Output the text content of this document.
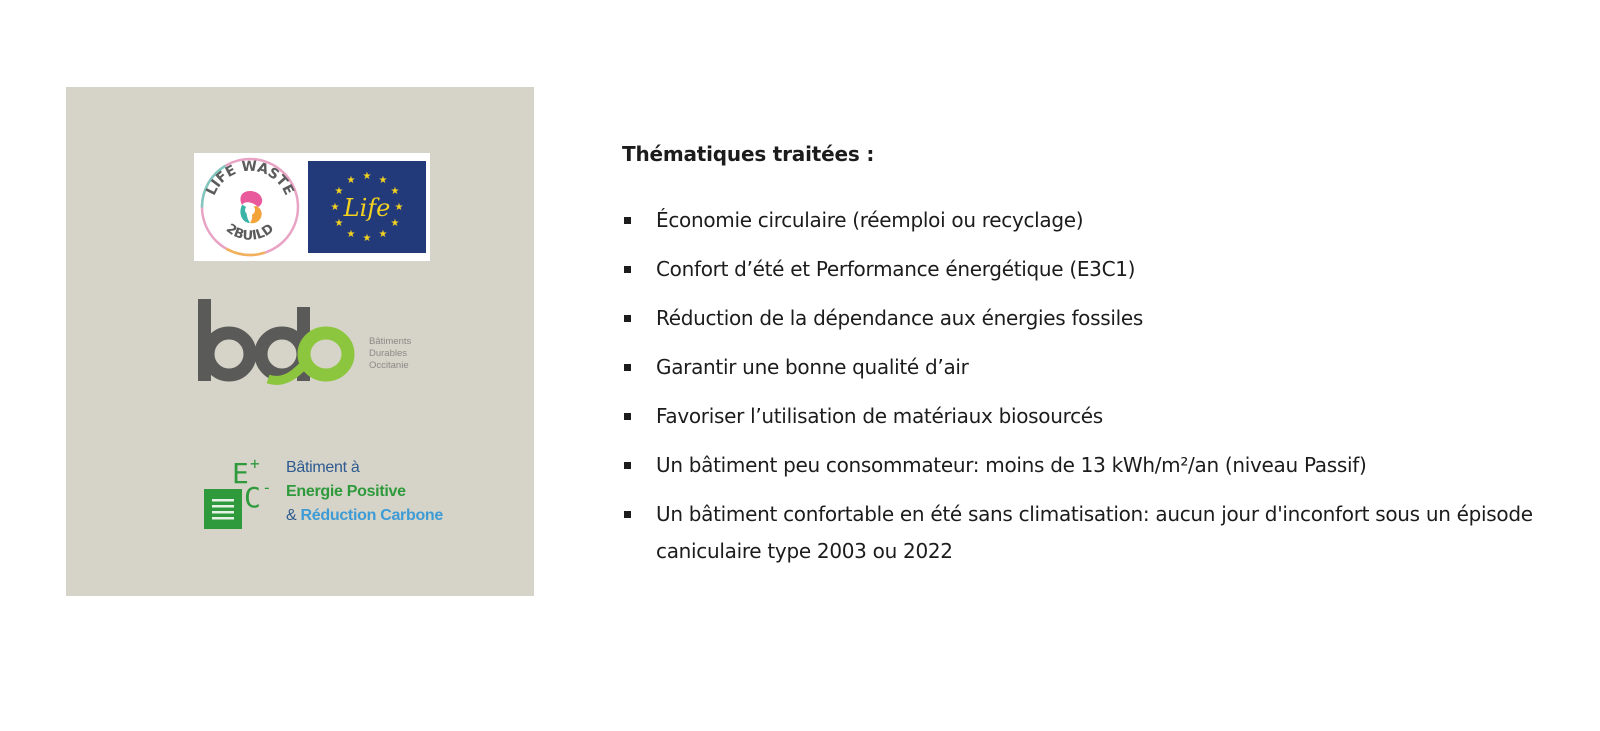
LIFE WASTE
2BUILD
★ ★
★
★
★
★
★
★
★
★
★
★
Life
Bâtiments
Durables
Occitanie
E +
C -
Bâtiment à
Energie Positive
& Réduction Carbone
Thématiques traitées :
Économie circulaire (réemploi ou recyclage)
Confort d’été et Performance énergétique (E3C1)
Réduction de la dépendance aux énergies fossiles
Garantir une bonne qualité d’air
Favoriser l’utilisation de matériaux biosourcés
Un bâtiment peu consommateur: moins de 13 kWh/m²/an (niveau Passif)
Un bâtiment confortable en été sans climatisation: aucun jour d'inconfort sous un épisode caniculaire type 2003 ou 2022
